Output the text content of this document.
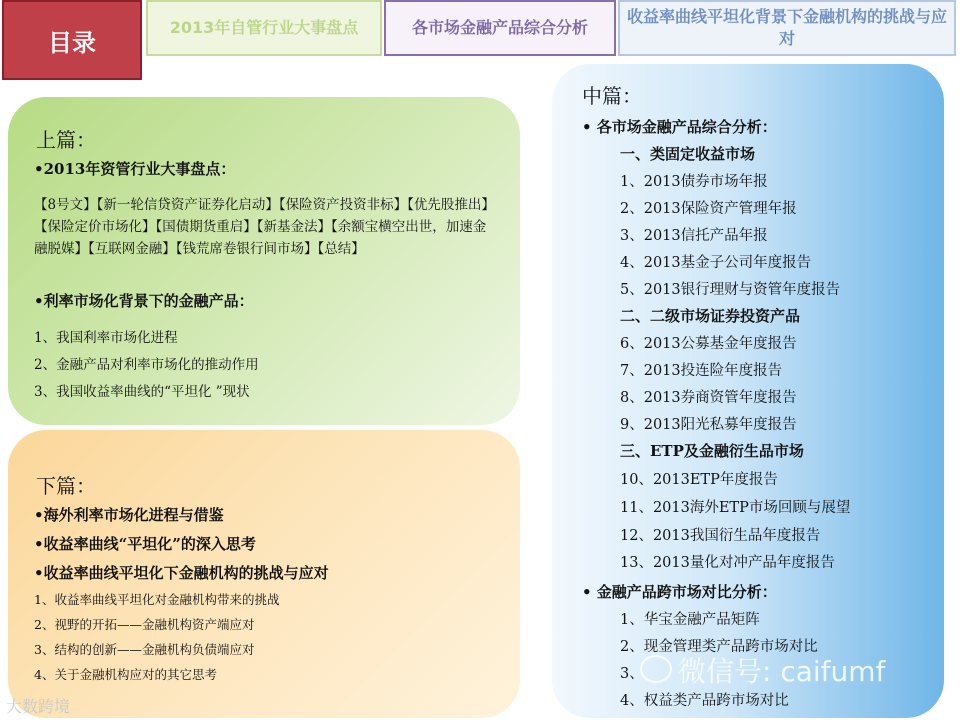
目录
2013年自管行业大事盘点	各市场金融产品综合分析
收益率曲线平坦化背景下金融机构的挑战与应对
上篇：
•2013年资管行业大事盘点：
【8号文】【新一轮信贷资产证券化启动】【保险资产投资非标】【优先股推出】【保险定价市场化】【国债期货重启】【新基金法】【余额宝横空出世，加速金融脱媒】【互联网金融】【钱荒席卷银行间市场】【总结】
•利率市场化背景下的金融产品：
1、我国利率市场化进程
2、金融产品对利率市场化的推动作用
3、我国收益率曲线的“平坦化 ”现状
下篇：
•海外利率市场化进程与借鉴
•收益率曲线“平坦化”的深入思考
•收益率曲线平坦化下金融机构的挑战与应对
1、收益率曲线平坦化对金融机构带来的挑战
2、视野的开拓——金融机构资产端应对
3、结构的创新——金融机构负债端应对
4、关于金融机构应对的其它思考
中篇：
• 各市场金融产品综合分析：
一、类固定收益市场
1、2013债券市场年报
2、2013保险资产管理年报
3、2013信托产品年报
4、2013基金子公司年度报告
5、2013银行理财与资管年度报告
二、二级市场证券投资产品
6、2013公募基金年度报告
7、2013投连险年度报告
8、2013券商资管年度报告
9、2013阳光私募年度报告
三、ETP及金融衍生品市场
10、2013ETP年度报告
11、2013海外ETP市场回顾与展望
12、2013我国衍生品年度报告
13、2013量化对冲产品年度报告
• 金融产品跨市场对比分析：
1、华宝金融产品矩阵
2、现金管理类产品跨市场对比
3、
4、权益类产品跨市场对比
微信号: caifumf
大数跨境
